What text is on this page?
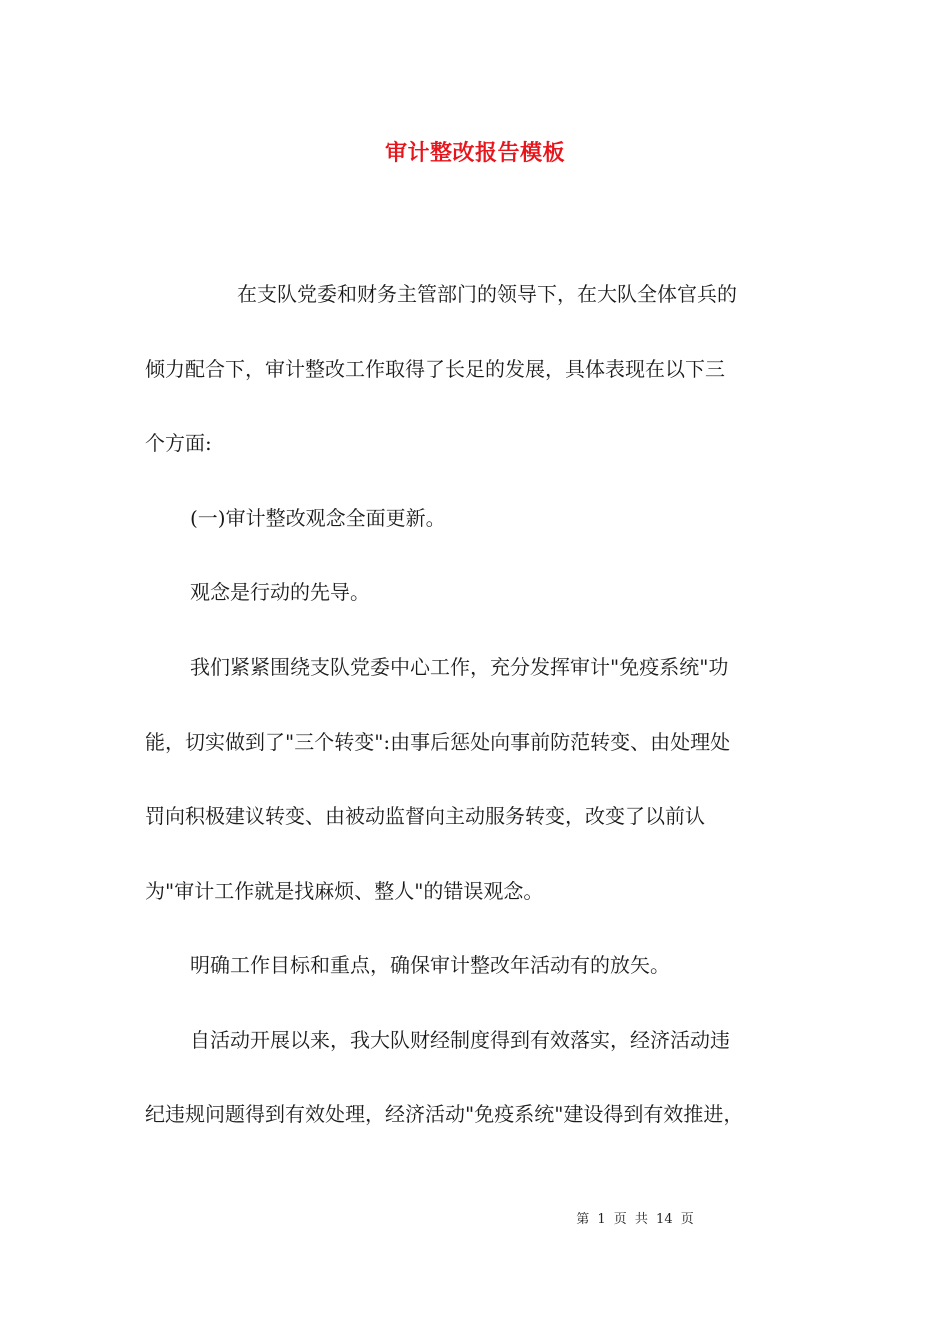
审计整改报告模板
在支队党委和财务主管部门的领导下，在大队全体官兵的
倾力配合下，审计整改工作取得了长足的发展，具体表现在以下三
个方面:
(一)审计整改观念全面更新。
观念是行动的先导。
我们紧紧围绕支队党委中心工作，充分发挥审计"免疫系统"功
能，切实做到了"三个转变":由事后惩处向事前防范转变、由处理处
罚向积极建议转变、由被动监督向主动服务转变，改变了以前认
为"审计工作就是找麻烦、整人"的错误观念。
明确工作目标和重点，确保审计整改年活动有的放矢。
自活动开展以来，我大队财经制度得到有效落实，经济活动违
纪违规问题得到有效处理，经济活动"免疫系统"建设得到有效推进，
第 1 页 共 14 页
